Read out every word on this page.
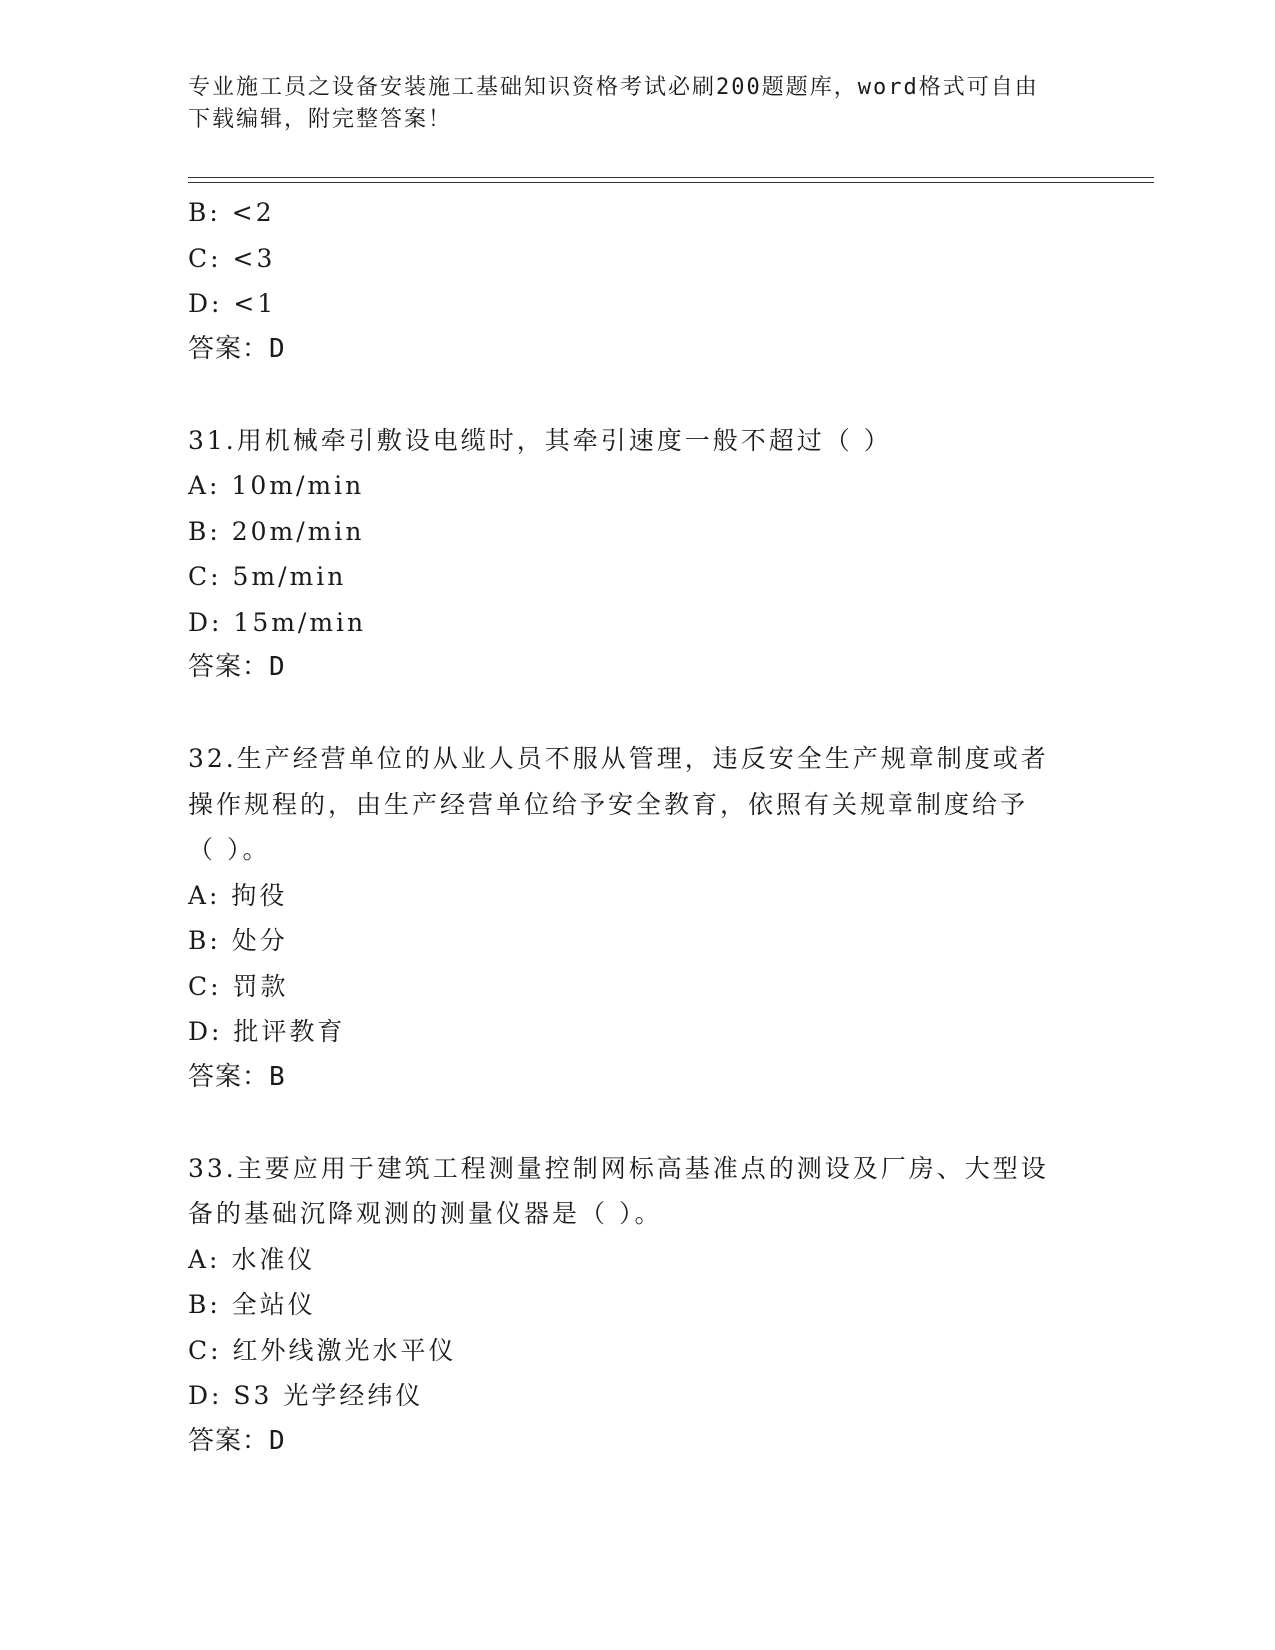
专业施工员之设备安装施工基础知识资格考试必刷200题题库，word格式可自由
下载编辑，附完整答案！
B: <2
C: <3
D: <1
答案：D
31.用机械牵引敷设电缆时，其牵引速度一般不超过（ ）
A: 10m/min
B: 20m/min
C: 5m/min
D: 15m/min
答案：D
32.生产经营单位的从业人员不服从管理，违反安全生产规章制度或者
操作规程的，由生产经营单位给予安全教育，依照有关规章制度给予
（ ）。
A: 拘役
B: 处分
C: 罚款
D: 批评教育
答案：B
33.主要应用于建筑工程测量控制网标高基准点的测设及厂房、大型设
备的基础沉降观测的测量仪器是（ ）。
A: 水准仪
B: 全站仪
C: 红外线激光水平仪
D: S3 光学经纬仪
答案：D
